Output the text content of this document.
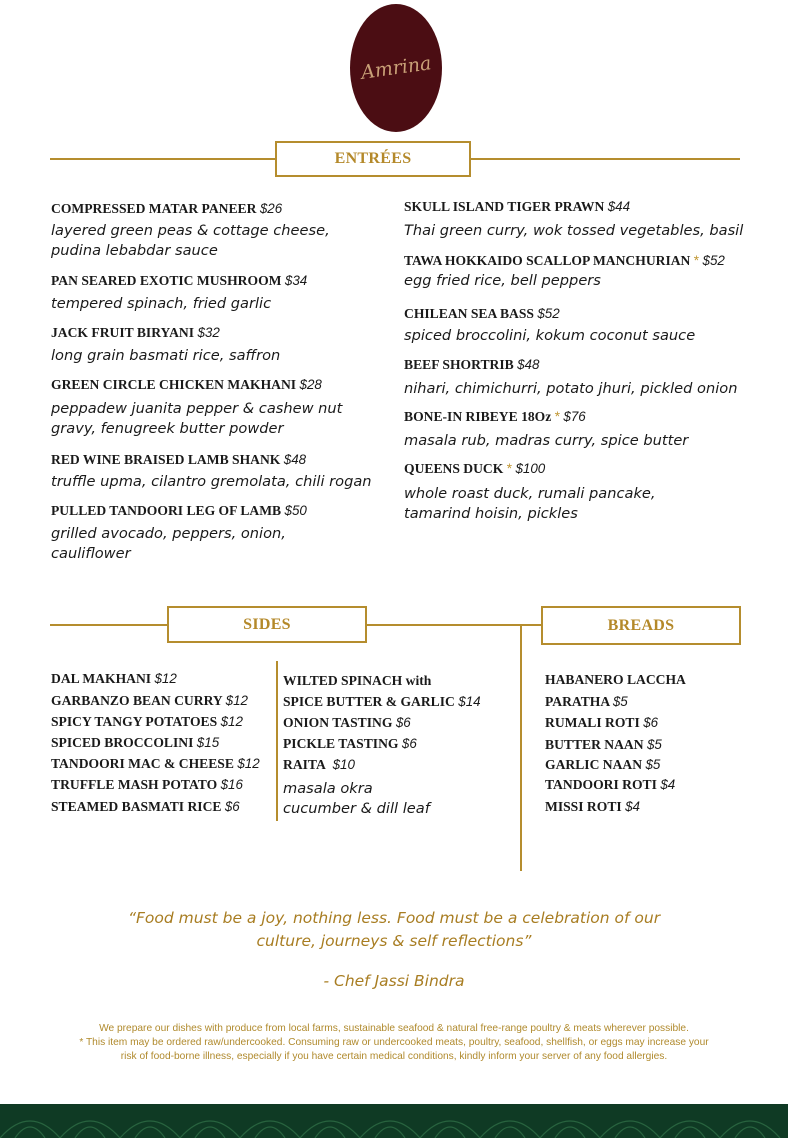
Amrina
ENTRÉES
COMPRESSED MATAR PANEER $26
layered green peas & cottage cheese,
pudina lebabdar sauce
PAN SEARED EXOTIC MUSHROOM $34
tempered spinach, fried garlic
JACK FRUIT BIRYANI $32
long grain basmati rice, saffron
GREEN CIRCLE CHICKEN MAKHANI $28
peppadew juanita pepper & cashew nut
gravy, fenugreek butter powder
RED WINE BRAISED LAMB SHANK $48
truffle upma, cilantro gremolata, chili rogan
PULLED TANDOORI LEG OF LAMB $50
grilled avocado, peppers, onion,
cauliflower
SKULL ISLAND TIGER PRAWN $44
Thai green curry, wok tossed vegetables, basil
TAWA HOKKAIDO SCALLOP MANCHURIAN * $52
egg fried rice, bell peppers
CHILEAN SEA BASS $52
spiced broccolini, kokum coconut sauce
BEEF SHORTRIB $48
nihari, chimichurri, potato jhuri, pickled onion
BONE-IN RIBEYE 18Oz * $76
masala rub, madras curry, spice butter
QUEENS DUCK * $100
whole roast duck, rumali pancake,
tamarind hoisin, pickles
SIDES	BREADS
DAL MAKHANI $12
GARBANZO BEAN CURRY $12
SPICY TANGY POTATOES $12
SPICED BROCCOLINI $15
TANDOORI MAC & CHEESE $12
TRUFFLE MASH POTATO $16
STEAMED BASMATI RICE $6
WILTED SPINACH with
SPICE BUTTER & GARLIC $14
ONION TASTING $6
PICKLE TASTING $6
RAITA $10
masala okra
cucumber & dill leaf
HABANERO LACCHA
PARATHA $5
RUMALI ROTI $6
BUTTER NAAN $5
GARLIC NAAN $5
TANDOORI ROTI $4
MISSI ROTI $4
“Food must be a joy, nothing less. Food must be a celebration of our
culture, journeys & self reflections”
- Chef Jassi Bindra
We prepare our dishes with produce from local farms, sustainable seafood & natural free-range poultry & meats wherever possible.
* This item may be ordered raw/undercooked. Consuming raw or undercooked meats, poultry, seafood, shellfish, or eggs may increase your
risk of food-borne illness, especially if you have certain medical conditions, kindly inform your server of any food allergies.
